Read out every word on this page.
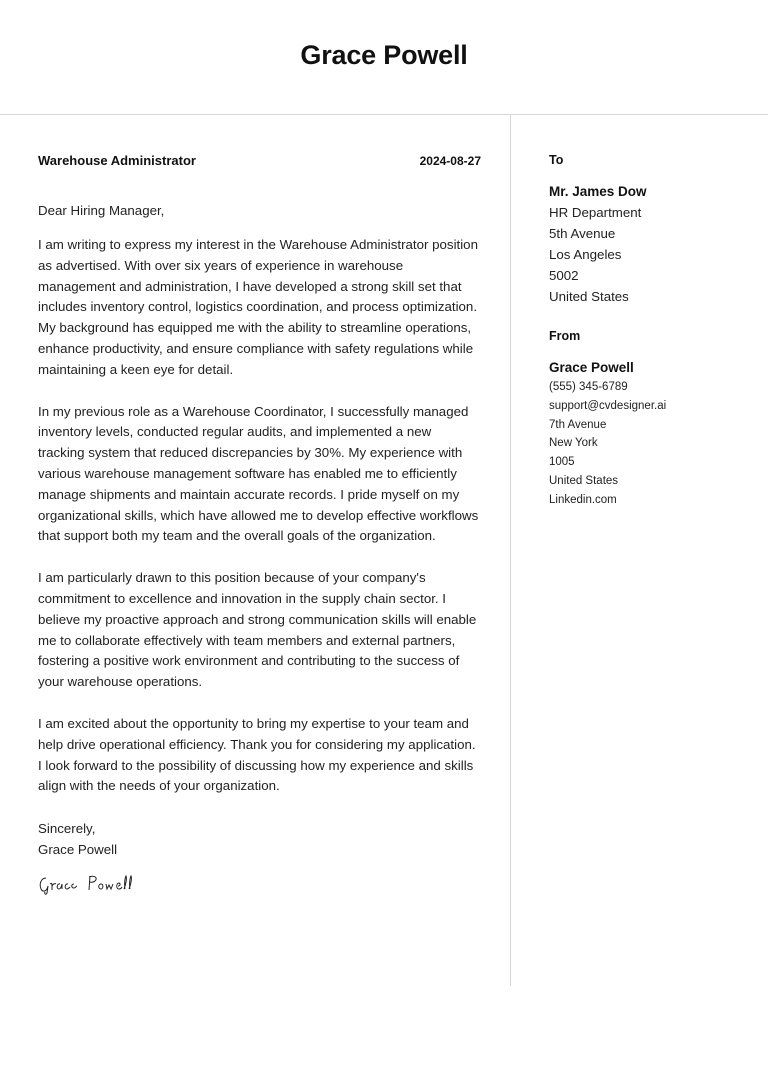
Grace Powell
Warehouse Administrator	2024-08-27

Dear Hiring Manager,

I am writing to express my interest in the Warehouse Administrator position as advertised. With over six years of experience in warehouse management and administration, I have developed a strong skill set that includes inventory control, logistics coordination, and process optimization. My background has equipped me with the ability to streamline operations, enhance productivity, and ensure compliance with safety regulations while maintaining a keen eye for detail.

In my previous role as a Warehouse Coordinator, I successfully managed inventory levels, conducted regular audits, and implemented a new tracking system that reduced discrepancies by 30%. My experience with various warehouse management software has enabled me to efficiently manage shipments and maintain accurate records. I pride myself on my organizational skills, which have allowed me to develop effective workflows that support both my team and the overall goals of the organization.

I am particularly drawn to this position because of your company's commitment to excellence and innovation in the supply chain sector. I believe my proactive approach and strong communication skills will enable me to collaborate effectively with team members and external partners, fostering a positive work environment and contributing to the success of your warehouse operations.

I am excited about the opportunity to bring my expertise to your team and help drive operational efficiency. Thank you for considering my application. I look forward to the possibility of discussing how my experience and skills align with the needs of your organization.

Sincerely,

Grace Powell

To
Mr. James Dow
HR Department
5th Avenue
Los Angeles
5002
United States
From
Grace Powell
(555) 345-6789
support@cvdesigner.ai
7th Avenue
New York
1005
United States
Linkedin.com
